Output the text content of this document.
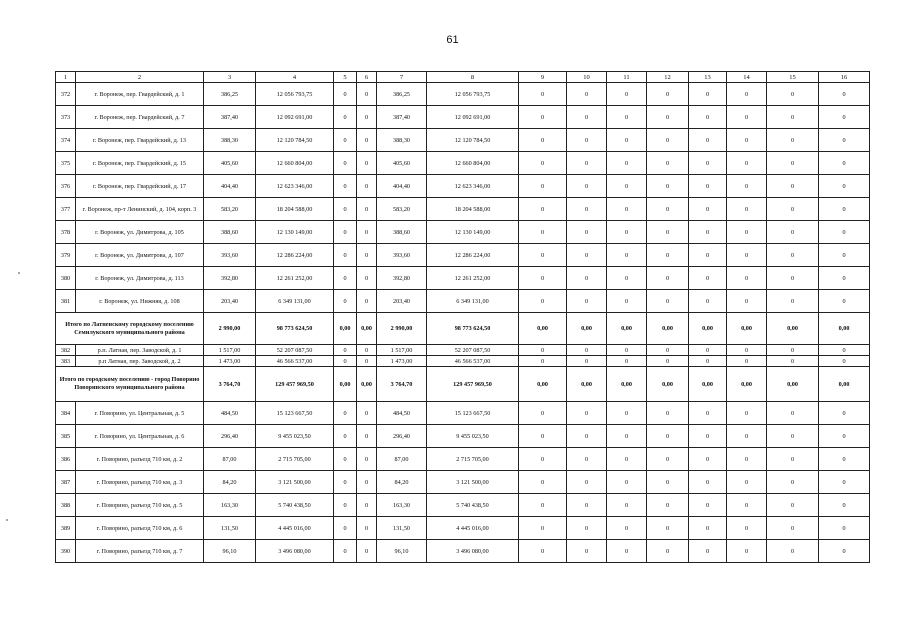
61
1	2	3	4	5	6	7	8	9	10	11	12	13	14	15	16
372	г. Воронеж, пер. Гвардейский, д. 1	386,25	12 056 793,75	0	0	386,25	12 056 793,75	0	0	0	0	0	0	0	0
373	г. Воронеж, пер. Гвардейский, д. 7	387,40	12 092 691,00	0	0	387,40	12 092 691,00	0	0	0	0	0	0	0	0
374	г. Воронеж, пер. Гвардейский, д. 13	388,30	12 120 784,50	0	0	388,30	12 120 784,50	0	0	0	0	0	0	0	0
375	г. Воронеж, пер. Гвардейский, д. 15	405,60	12 660 804,00	0	0	405,60	12 660 804,00	0	0	0	0	0	0	0	0
376	г. Воронеж, пер. Гвардейский, д. 17	404,40	12 623 346,00	0	0	404,40	12 623 346,00	0	0	0	0	0	0	0	0
377	г. Воронеж, пр-т Ленинский, д. 104, корп. 3	583,20	18 204 588,00	0	0	583,20	18 204 588,00	0	0	0	0	0	0	0	0
378	г. Воронеж, ул. Димитрова, д. 105	388,60	12 130 149,00	0	0	388,60	12 130 149,00	0	0	0	0	0	0	0	0
379	г. Воронеж, ул. Димитрова, д. 107	393,60	12 286 224,00	0	0	393,60	12 286 224,00	0	0	0	0	0	0	0	0
380	г. Воронеж, ул. Димитрова, д. 113	392,80	12 261 252,00	0	0	392,80	12 261 252,00	0	0	0	0	0	0	0	0
381	г. Воронеж, ул. Нижняя, д. 108	203,40	6 349 131,00	0	0	203,40	6 349 131,00	0	0	0	0	0	0	0	0
Итого по Латненскому городскому поселению Семилукского муниципального района		2 990,00	98 773 624,50	0,00	0,00	2 990,00	98 773 624,50	0,00	0,00	0,00	0,00	0,00	0,00	0,00	0,00
382	р.п. Латная, пер. Заводской, д. 1	1 517,00	52 207 087,50	0	0	1 517,00	52 207 087,50	0	0	0	0	0	0	0	0
383	р.п Латная, пер. Заводской, д. 2	1 473,00	46 566 537,00	0	0	1 473,00	46 566 537,00	0	0	0	0	0	0	0	0
Итого по городскому поселению - город Поворино Поворинского муниципального района		3 764,70	129 457 969,50	0,00	0,00	3 764,70	129 457 969,50	0,00	0,00	0,00	0,00	0,00	0,00	0,00	0,00
384	г. Поворино, ул. Центральная, д. 5	484,50	15 123 667,50	0	0	484,50	15 123 667,50	0	0	0	0	0	0	0	0
385	г. Поворино, ул. Центральная, д. 6	296,40	9 455 023,50	0	0	296,40	9 455 023,50	0	0	0	0	0	0	0	0
386	г. Поворино, разъезд 710 км, д. 2	87,00	2 715 705,00	0	0	87,00	2 715 705,00	0	0	0	0	0	0	0	0
387	г. Поворино, разъезд 710 км, д. 3	84,20	3 121 500,00	0	0	84,20	3 121 500,00	0	0	0	0	0	0	0	0
388	г. Поворино, разъезд 710 км, д. 5	163,30	5 740 438,50	0	0	163,30	5 740 438,50	0	0	0	0	0	0	0	0
389	г. Поворино, разъезд 710 км, д. 6	131,50	4 445 016,00	0	0	131,50	4 445 016,00	0	0	0	0	0	0	0	0
390	г. Поворино, разъезд 710 км, д. 7	96,10	3 496 080,00	0	0	96,10	3 496 080,00	0	0	0	0	0	0	0	0
